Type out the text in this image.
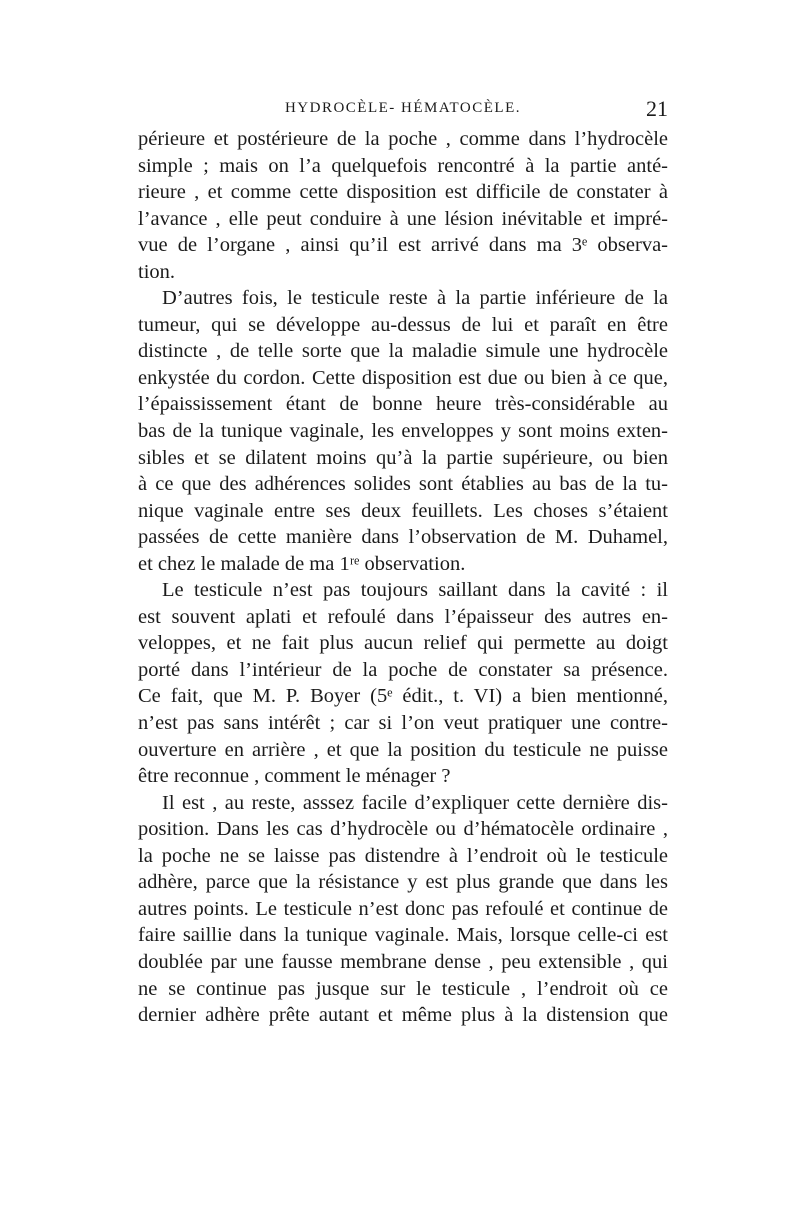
HYDROCÈLE- HÉMATOCÈLE.	21
périeure et postérieure de la poche , comme dans l’hydrocèle
simple ; mais on l’a quelquefois rencontré à la partie anté-
rieure , et comme cette disposition est difficile de constater à
l’avance , elle peut conduire à une lésion inévitable et impré-
vue de l’organe , ainsi qu’il est arrivé dans ma 3ᵉ observa-
tion.
D’autres fois, le testicule reste à la partie inférieure de la
tumeur, qui se développe au-dessus de lui et paraît en être
distincte , de telle sorte que la maladie simule une hydrocèle
enkystée du cordon. Cette disposition est due ou bien à ce que,
l’épaississement étant de bonne heure très-considérable au
bas de la tunique vaginale, les enveloppes y sont moins exten-
sibles et se dilatent moins qu’à la partie supérieure, ou bien
à ce que des adhérences solides sont établies au bas de la tu-
nique vaginale entre ses deux feuillets. Les choses s’étaient
passées de cette manière dans l’observation de M. Duhamel,
et chez le malade de ma 1ʳᵉ observation.
Le testicule n’est pas toujours saillant dans la cavité : il
est souvent aplati et refoulé dans l’épaisseur des autres en-
veloppes, et ne fait plus aucun relief qui permette au doigt
porté dans l’intérieur de la poche de constater sa présence.
Ce fait, que M. P. Boyer (5ᵉ édit., t. VI) a bien mentionné,
n’est pas sans intérêt ; car si l’on veut pratiquer une contre-
ouverture en arrière , et que la position du testicule ne puisse
être reconnue , comment le ménager ?
Il est , au reste, asssez facile d’expliquer cette dernière dis-
position. Dans les cas d’hydrocèle ou d’hématocèle ordinaire ,
la poche ne se laisse pas distendre à l’endroit où le testicule
adhère, parce que la résistance y est plus grande que dans les
autres points. Le testicule n’est donc pas refoulé et continue de
faire saillie dans la tunique vaginale. Mais, lorsque celle-ci est
doublée par une fausse membrane dense , peu extensible , qui
ne se continue pas jusque sur le testicule , l’endroit où ce
dernier adhère prête autant et même plus à la distension que
